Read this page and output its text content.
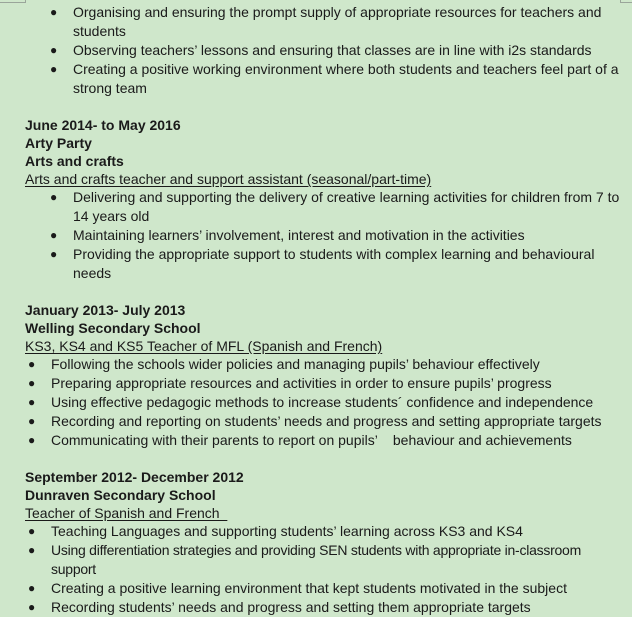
● Organising and ensuring the prompt supply of appropriate resources for teachers and students
● Observing teachers’ lessons and ensuring that classes are in line with i2s standards
● Creating a positive working environment where both students and teachers feel part of a strong team
June 2014- to May 2016
Arty Party
Arts and crafts
Arts and crafts teacher and support assistant (seasonal/part-time)
● Delivering and supporting the delivery of creative learning activities for children from 7 to 14 years old
● Maintaining learners’ involvement, interest and motivation in the activities
● Providing the appropriate support to students with complex learning and behavioural needs
January 2013- July 2013
Welling Secondary School
KS3, KS4 and KS5 Teacher of MFL (Spanish and French)
● Following the schools wider policies and managing pupils’ behaviour effectively
● Preparing appropriate resources and activities in order to ensure pupils’ progress
● Using effective pedagogic methods to increase students´ confidence and independence
● Recording and reporting on students’ needs and progress and setting appropriate targets
● Communicating with their parents to report on pupils’    behaviour and achievements
September 2012- December 2012
Dunraven Secondary School
Teacher of Spanish and French
● Teaching Languages and supporting students’ learning across KS3 and KS4
● Using differentiation strategies and providing SEN students with appropriate in-classroom support
● Creating a positive learning environment that kept students motivated in the subject
● Recording students’ needs and progress and setting them appropriate targets
